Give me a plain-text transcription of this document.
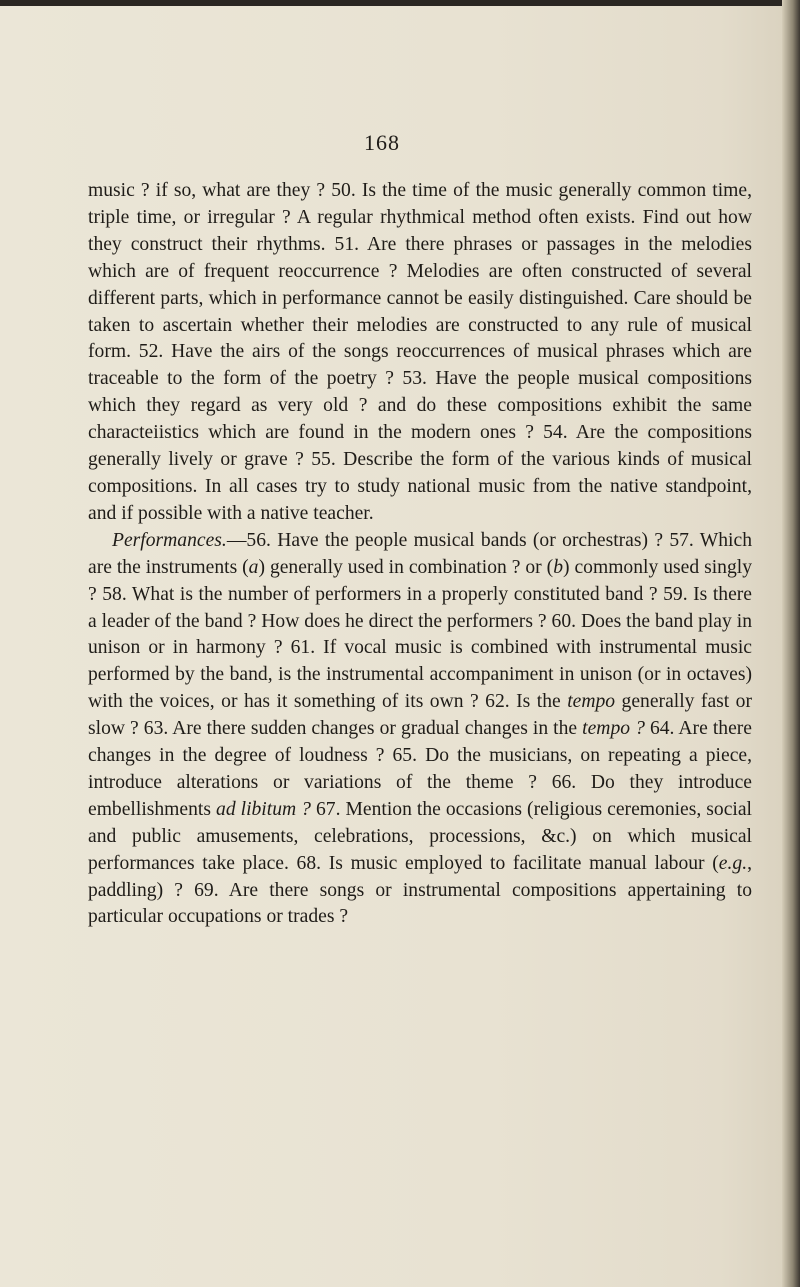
168

music ? if so, what are they ? 50. Is the time of the music generally common time, triple time, or irregular ? A regular rhythmical method often exists. Find out how they construct their rhythms. 51. Are there phrases or passages in the melodies which are of frequent reoccurrence ? Melodies are often constructed of several different parts, which in performance cannot be easily distinguished. Care should be taken to ascertain whether their melodies are constructed to any rule of musical form. 52. Have the airs of the songs reoccurrences of musical phrases which are traceable to the form of the poetry ? 53. Have the people musical compositions which they regard as very old ? and do these compositions exhibit the same characteiistics which are found in the modern ones ? 54. Are the compositions generally lively or grave ? 55. Describe the form of the various kinds of musical compositions. In all cases try to study national music from the native standpoint, and if possible with a native teacher.

Performances.—56. Have the people musical bands (or orchestras) ? 57. Which are the instruments (a) generally used in combination ? or (b) commonly used singly ? 58. What is the number of performers in a properly constituted band ? 59. Is there a leader of the band ? How does he direct the performers ? 60. Does the band play in unison or in harmony ? 61. If vocal music is combined with instrumental music performed by the band, is the instrumental accompaniment in unison (or in octaves) with the voices, or has it something of its own ? 62. Is the tempo generally fast or slow ? 63. Are there sudden changes or gradual changes in the tempo ? 64. Are there changes in the degree of loudness ? 65. Do the musicians, on repeating a piece, introduce alterations or variations of the theme ? 66. Do they introduce embellishments ad libitum ? 67. Mention the occasions (religious ceremonies, social and public amusements, celebrations, processions, &c.) on which musical performances take place. 68. Is music employed to facilitate manual labour (e.g., paddling) ? 69. Are there songs or instrumental compositions appertaining to particular occupations or trades ?
